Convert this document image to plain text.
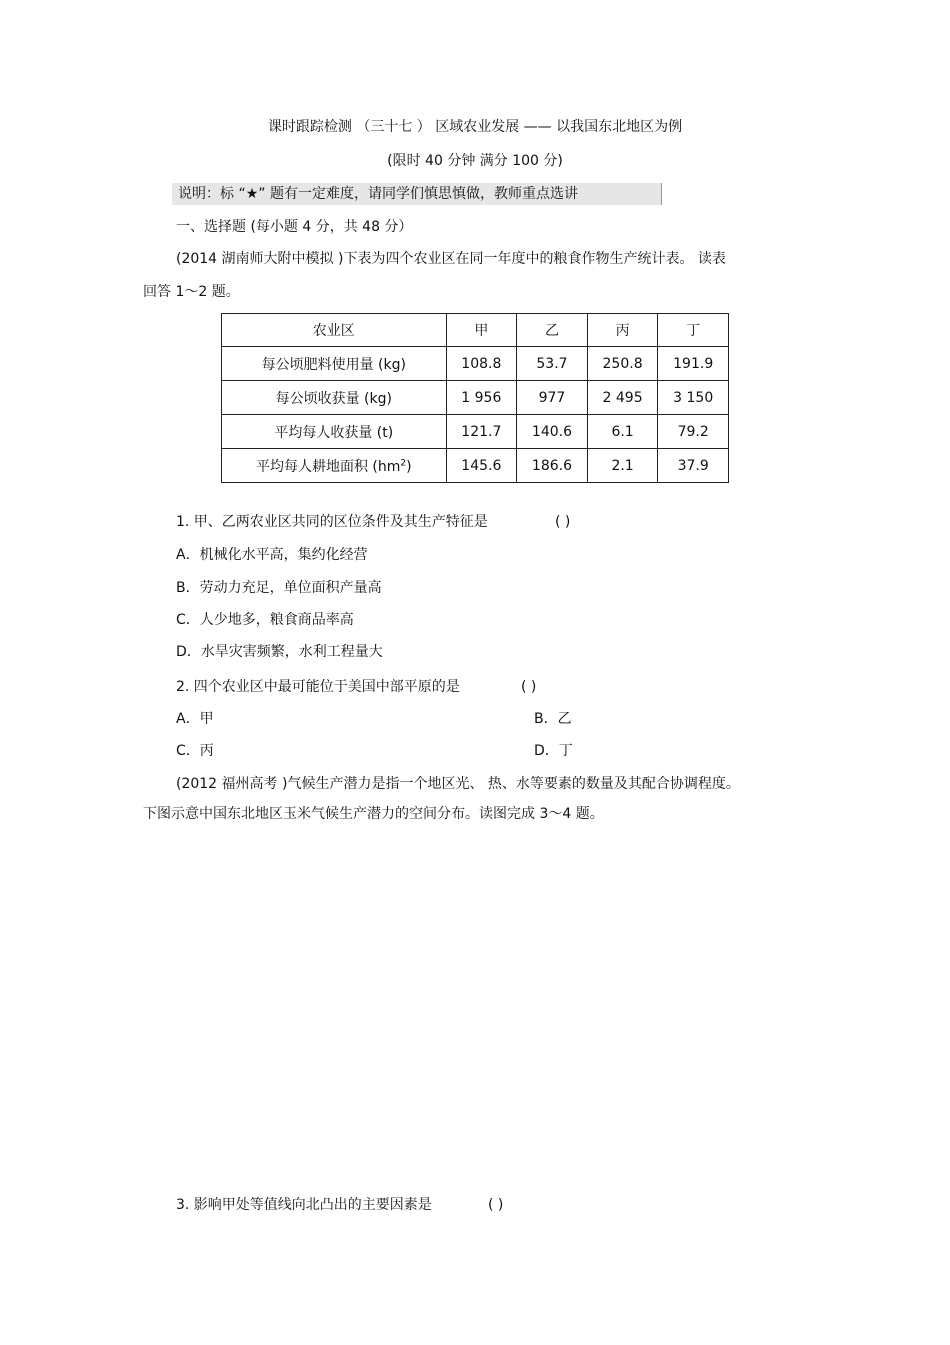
课时跟踪检测 （三十七 ） 区域农业发展 —— 以我国东北地区为例
(限时 40 分钟 满分 100 分)
说明：标 “★” 题有一定难度，请同学们慎思慎做，教师重点选讲
一、选择题 (每小题 4 分，共 48 分）
(2014 湖南师大附中模拟 )下表为四个农业区在同一年度中的粮食作物生产统计表。 读表
回答 1～2 题。
农业区	甲	乙	丙	丁
每公顷肥料使用量 (kg)	108.8	53.7	250.8	191.9
每公顷收获量 (kg)	1 956	977	2 495	3 150
平均每人收获量 (t)	121.7	140.6	6.1	79.2
平均每人耕地面积 $(hm^2)$	145.6	186.6	2.1	37.9
1. 甲、乙两农业区共同的区位条件及其生产特征是	( )
A．机械化水平高，集约化经营
B．劳动力充足，单位面积产量高
C．人少地多，粮食商品率高
D．水旱灾害频繁，水利工程量大
2. 四个农业区中最可能位于美国中部平原的是	( )
A．甲	B．乙
C．丙	D．丁
(2012 福州高考 )气候生产潜力是指一个地区光、 热、水等要素的数量及其配合协调程度。
下图示意中国东北地区玉米气候生产潜力的空间分布。读图完成 3～4 题。
3. 影响甲处等值线向北凸出的主要因素是	( )
